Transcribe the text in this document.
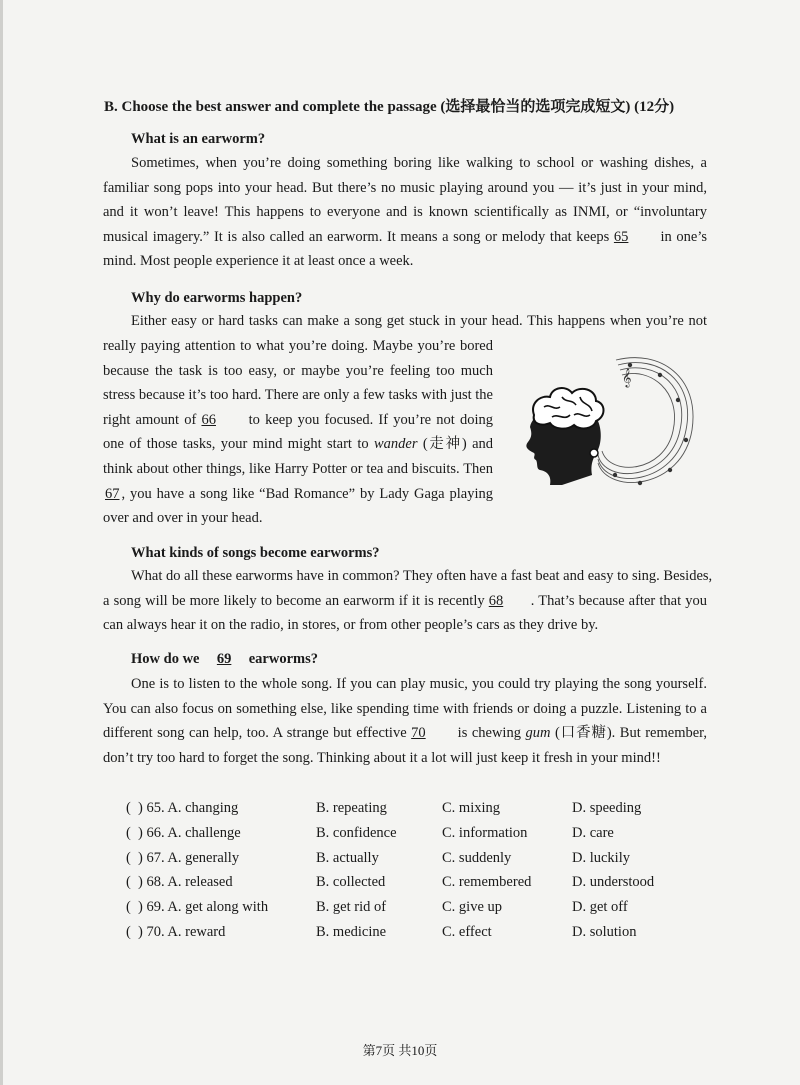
B. Choose the best answer and complete the passage (选择最恰当的选项完成短文) (12分)
What is an earworm?
Sometimes, when you’re doing something boring like walking to school or washing dishes, a
familiar song pops into your head. But there’s no music playing around you — it’s just in your mind,
and it won’t leave! This happens to everyone and is known scientifically as INMI, or “involuntary
musical imagery.” It is also called an earworm. It means a song or melody that keeps 65 in one’s
mind. Most people experience it at least once a week.
Why do earworms happen?
Either easy or hard tasks can make a song get stuck in your head. This happens when you’re not
really paying attention to what you’re doing. Maybe you’re bored
because the task is too easy, or maybe you’re feeling too much
stress because it’s too hard. There are only a few tasks with just the
right amount of 66 to keep you focused. If you’re not doing
one of those tasks, your mind might start to wander (走神) and
think about other things, like Harry Potter or tea and biscuits. Then
67 , you have a song like “Bad Romance” by Lady Gaga playing
over and over in your head.
𝄞
What kinds of songs become earworms?
What do all these earworms have in common? They often have a fast beat and easy to sing. Besides,
a song will be more likely to become an earworm if it is recently 68 . That’s because after that you
can always hear it on the radio, in stores, or from other people’s cars as they drive by.
How do we 69 earworms?
One is to listen to the whole song. If you can play music, you could try playing the song yourself.
You can also focus on something else, like spending time with friends or doing a puzzle. Listening to a
different song can help, too. A strange but effective 70 is chewing gum (口香糖). But remember,
don’t try too hard to forget the song. Thinking about it a lot will just keep it fresh in your mind!!
( ) 65. A. changing	B. repeating	C. mixing	D. speeding
( ) 66. A. challenge	B. confidence	C. information	D. care
( ) 67. A. generally	B. actually	C. suddenly	D. luckily
( ) 68. A. released	B. collected	C. remembered	D. understood
( ) 69. A. get along with	B. get rid of	C. give up	D. get off
( ) 70. A. reward	B. medicine	C. effect	D. solution
第7页 共10页
